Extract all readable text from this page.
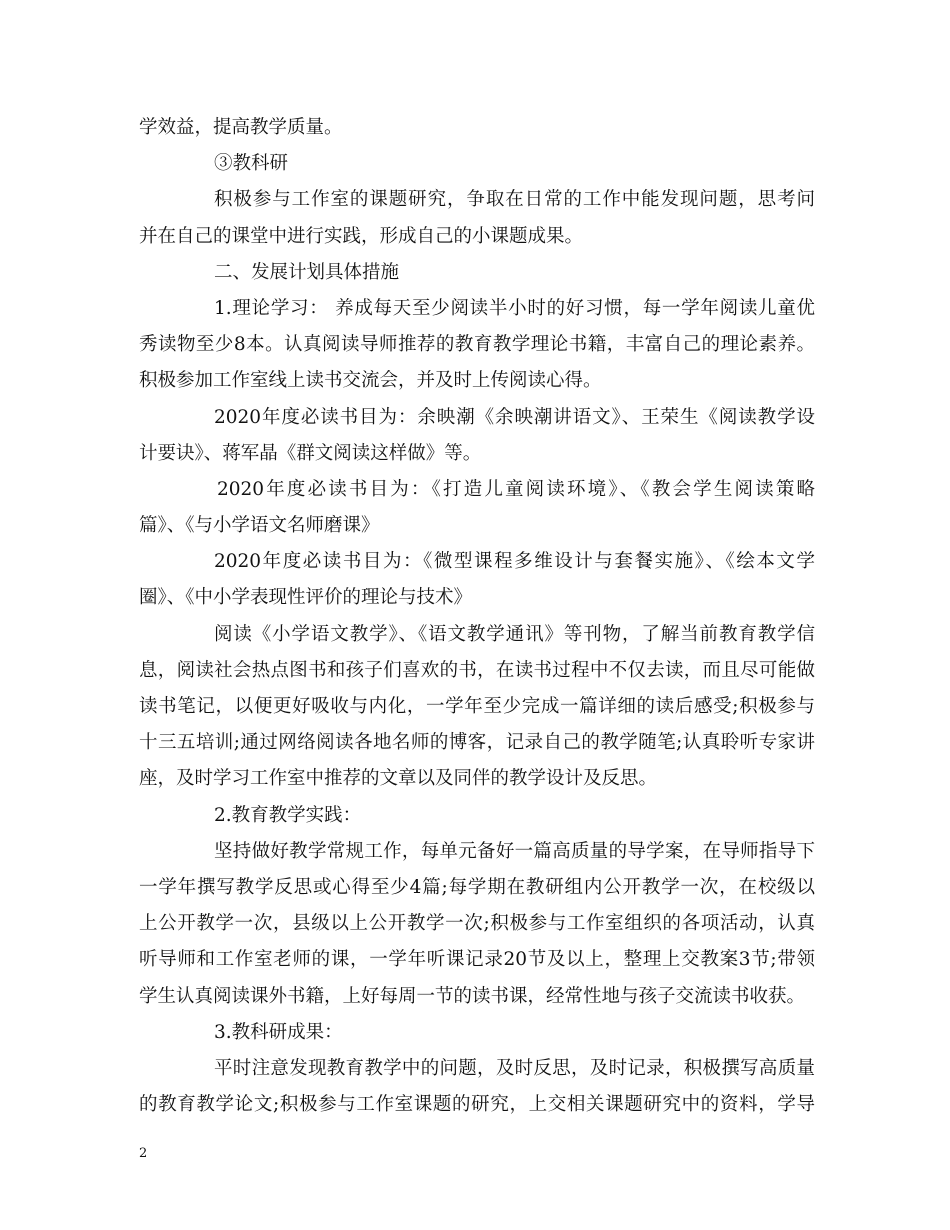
学效益，提高教学质量。
③教科研
积极参与工作室的课题研究，争取在日常的工作中能发现问题，思考问
并在自己的课堂中进行实践，形成自己的小课题成果。
二、发展计划具体措施
1.理论学习： 养成每天至少阅读半小时的好习惯，每一学年阅读儿童优
秀读物至少8本。认真阅读导师推荐的教育教学理论书籍，丰富自己的理论素养。
积极参加工作室线上读书交流会，并及时上传阅读心得。
2020年度必读书目为：余映潮《余映潮讲语文》、王荣生《阅读教学设
计要诀》、蒋军晶《群文阅读这样做》等。
2020年度必读书目为：《打造儿童阅读环境》、《教会学生阅读策略
篇》、《与小学语文名师磨课》
2020年度必读书目为：《微型课程多维设计与套餐实施》、《绘本文学
圈》、《中小学表现性评价的理论与技术》
阅读《小学语文教学》、《语文教学通讯》等刊物，了解当前教育教学信
息，阅读社会热点图书和孩子们喜欢的书，在读书过程中不仅去读，而且尽可能做
读书笔记，以便更好吸收与内化，一学年至少完成一篇详细的读后感受;积极参与
十三五培训;通过网络阅读各地名师的博客，记录自己的教学随笔;认真聆听专家讲
座，及时学习工作室中推荐的文章以及同伴的教学设计及反思。
2.教育教学实践：
坚持做好教学常规工作，每单元备好一篇高质量的导学案，在导师指导下
一学年撰写教学反思或心得至少4篇;每学期在教研组内公开教学一次，在校级以
上公开教学一次，县级以上公开教学一次;积极参与工作室组织的各项活动，认真
听导师和工作室老师的课，一学年听课记录20节及以上，整理上交教案3节;带领
学生认真阅读课外书籍，上好每周一节的读书课，经常性地与孩子交流读书收获。
3.教科研成果：
平时注意发现教育教学中的问题，及时反思，及时记录，积极撰写高质量
的教育教学论文;积极参与工作室课题的研究，上交相关课题研究中的资料，学导
2
